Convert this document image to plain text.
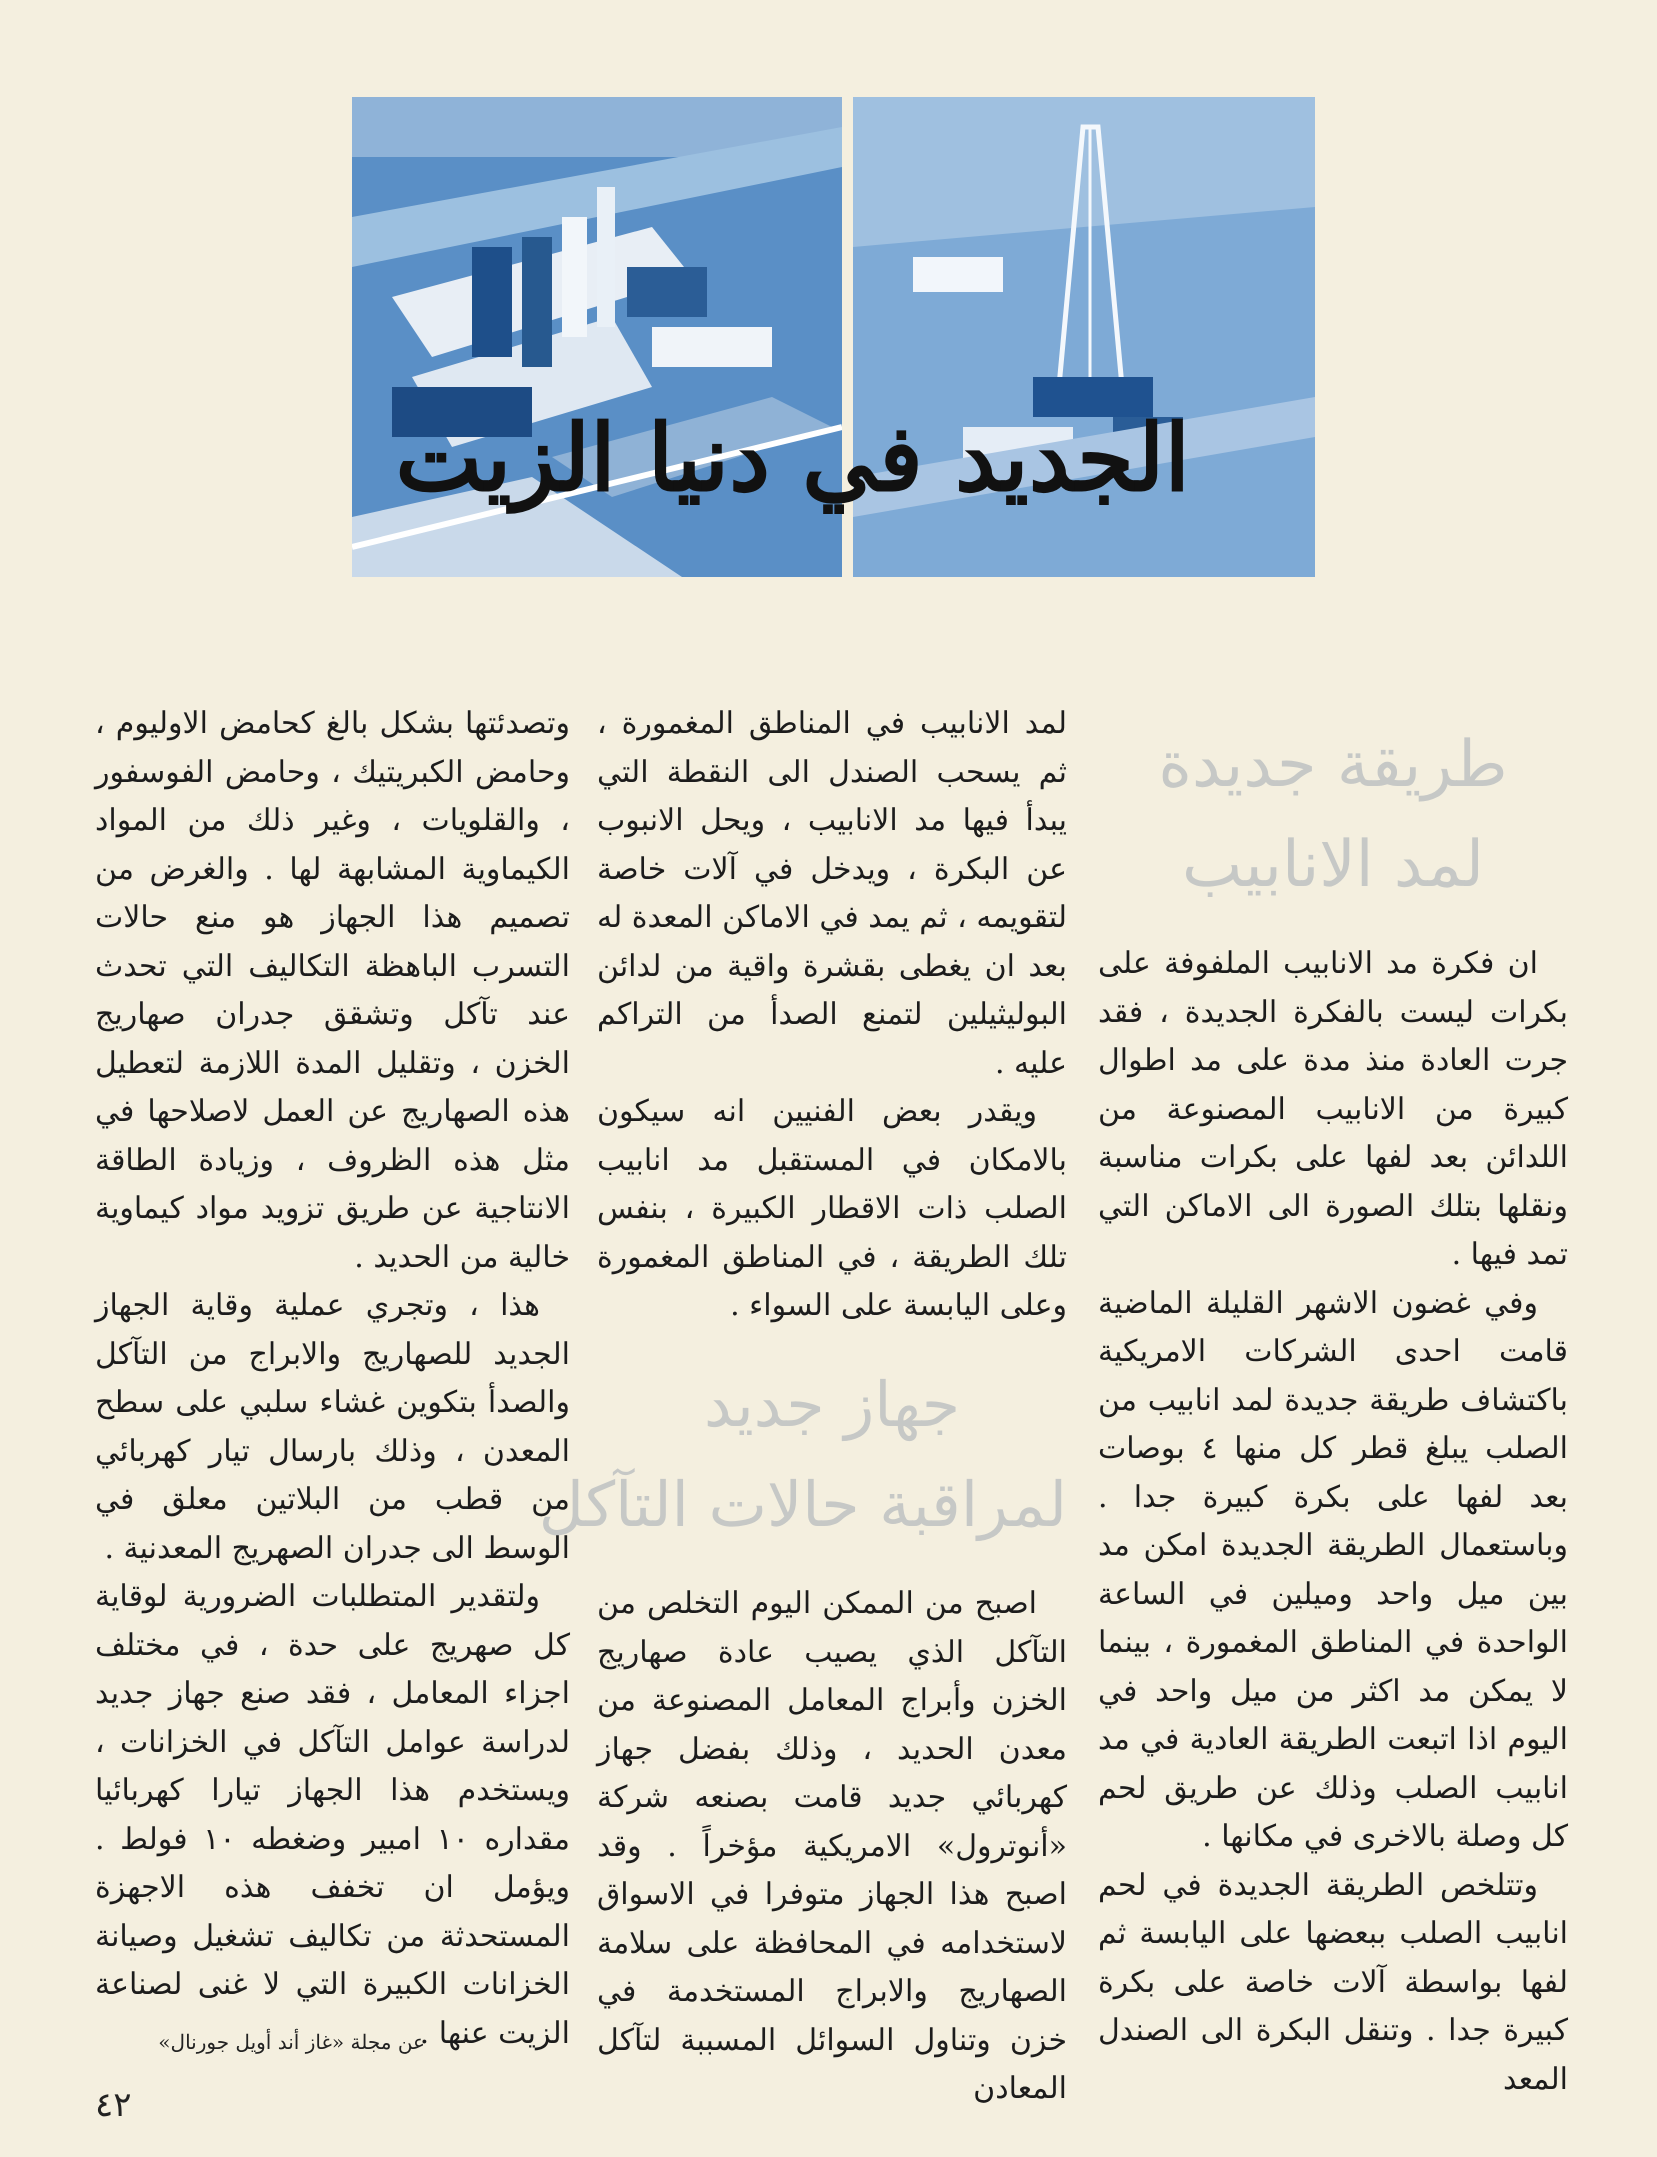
الجديد في دنيا الزيت
طريقة جديدة
لمد الانابيب

ان فكرة مد الانابيب الملفوفة على بكرات ليست بالفكرة الجديدة ، فقد جرت العادة منذ مدة على مد اطوال كبيرة من الانابيب المصنوعة من اللدائن بعد لفها على بكرات مناسبة ونقلها بتلك الصورة الى الاماكن التي تمد فيها .

وفي غضون الاشهر القليلة الماضية قامت احدى الشركات الامريكية باكتشاف طريقة جديدة لمد انابيب من الصلب يبلغ قطر كل منها ٤ بوصات بعد لفها على بكرة كبيرة جدا . وباستعمال الطريقة الجديدة امكن مد بين ميل واحد وميلين في الساعة الواحدة في المناطق المغمورة ، بينما لا يمكن مد اكثر من ميل واحد في اليوم اذا اتبعت الطريقة العادية في مد انابيب الصلب وذلك عن طريق لحم كل وصلة بالاخرى في مكانها .

وتتلخص الطريقة الجديدة في لحم انابيب الصلب ببعضها على اليابسة ثم لفها بواسطة آلات خاصة على بكرة كبيرة جدا . وتنقل البكرة الى الصندل المعد

لمد الانابيب في المناطق المغمورة ، ثم يسحب الصندل الى النقطة التي يبدأ فيها مد الانابيب ، ويحل الانبوب عن البكرة ، ويدخل في آلات خاصة لتقويمه ، ثم يمد في الاماكن المعدة له بعد ان يغطى بقشرة واقية من لدائن البوليثيلين لتمنع الصدأ من التراكم عليه .

ويقدر بعض الفنيين انه سيكون بالامكان في المستقبل مد انابيب الصلب ذات الاقطار الكبيرة ، بنفس تلك الطريقة ، في المناطق المغمورة وعلى اليابسة على السواء .

جهاز جديد
لمراقبة حالات التآكل

اصبح من الممكن اليوم التخلص من التآكل الذي يصيب عادة صهاريج الخزن وأبراج المعامل المصنوعة من معدن الحديد ، وذلك بفضل جهاز كهربائي جديد قامت بصنعه شركة «أنوترول» الامريكية مؤخراً . وقد اصبح هذا الجهاز متوفرا في الاسواق لاستخدامه في المحافظة على سلامة الصهاريج والابراج المستخدمة في خزن وتناول السوائل المسببة لتآكل المعادن

وتصدئتها بشكل بالغ كحامض الاوليوم ، وحامض الكبريتيك ، وحامض الفوسفور ، والقلويات ، وغير ذلك من المواد الكيماوية المشابهة لها . والغرض من تصميم هذا الجهاز هو منع حالات التسرب الباهظة التكاليف التي تحدث عند تآكل وتشقق جدران صهاريج الخزن ، وتقليل المدة اللازمة لتعطيل هذه الصهاريج عن العمل لاصلاحها في مثل هذه الظروف ، وزيادة الطاقة الانتاجية عن طريق تزويد مواد كيماوية خالية من الحديد .

هذا ، وتجري عملية وقاية الجهاز الجديد للصهاريج والابراج من التآكل والصدأ بتكوين غشاء سلبي على سطح المعدن ، وذلك بارسال تيار كهربائي من قطب من البلاتين معلق في الوسط الى جدران الصهريج المعدنية .

ولتقدير المتطلبات الضرورية لوقاية كل صهريج على حدة ، في مختلف اجزاء المعامل ، فقد صنع جهاز جديد لدراسة عوامل التآكل في الخزانات ، ويستخدم هذا الجهاز تيارا كهربائيا مقداره ١٠ امبير وضغطه ١٠ فولط . ويؤمل ان تخفف هذه الاجهزة المستحدثة من تكاليف تشغيل وصيانة الخزانات الكبيرة التي لا غنى لصناعة الزيت عنها .

عن مجلة «غاز أند أويل جورنال»
٤٢
